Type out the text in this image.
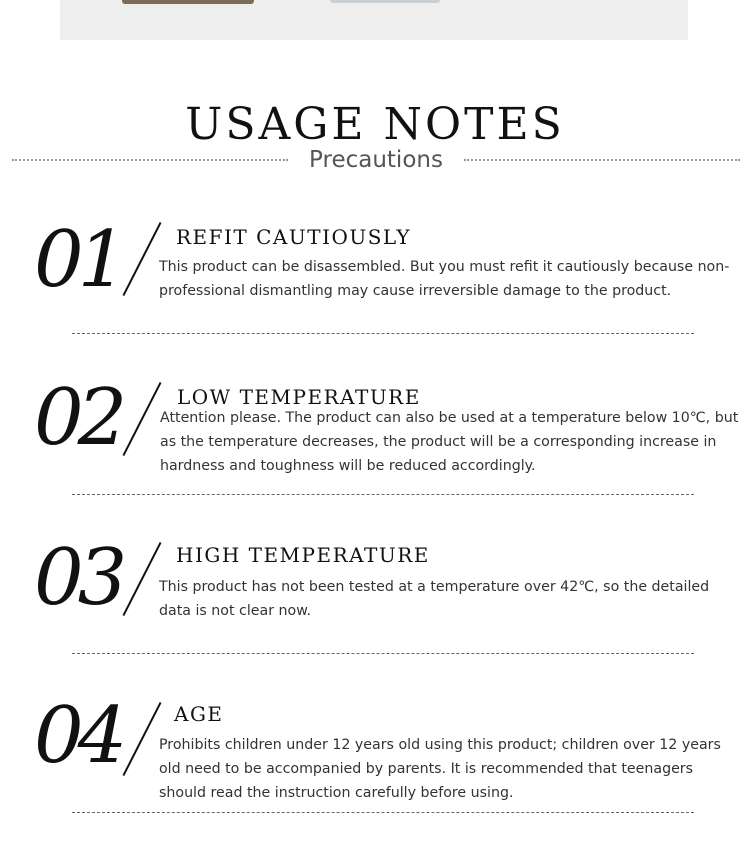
USAGE NOTES
Precautions
01	REFIT CAUTIOUSLY
This product can be disassembled. But you must refit it cautiously because non-professional dismantling may cause irreversible damage to the product.
02	LOW TEMPERATURE
Attention please. The product can also be used at a temperature below 10℃, but as the temperature decreases, the product will be a corresponding increase in hardness and toughness will be reduced accordingly.
03	HIGH TEMPERATURE
This product has not been tested at a temperature over 42℃, so the detailed data is not clear now.
04	AGE
Prohibits children under 12 years old using this product; children over 12 years old need to be accompanied by parents. It is recommended that teenagers should read the instruction carefully before using.
